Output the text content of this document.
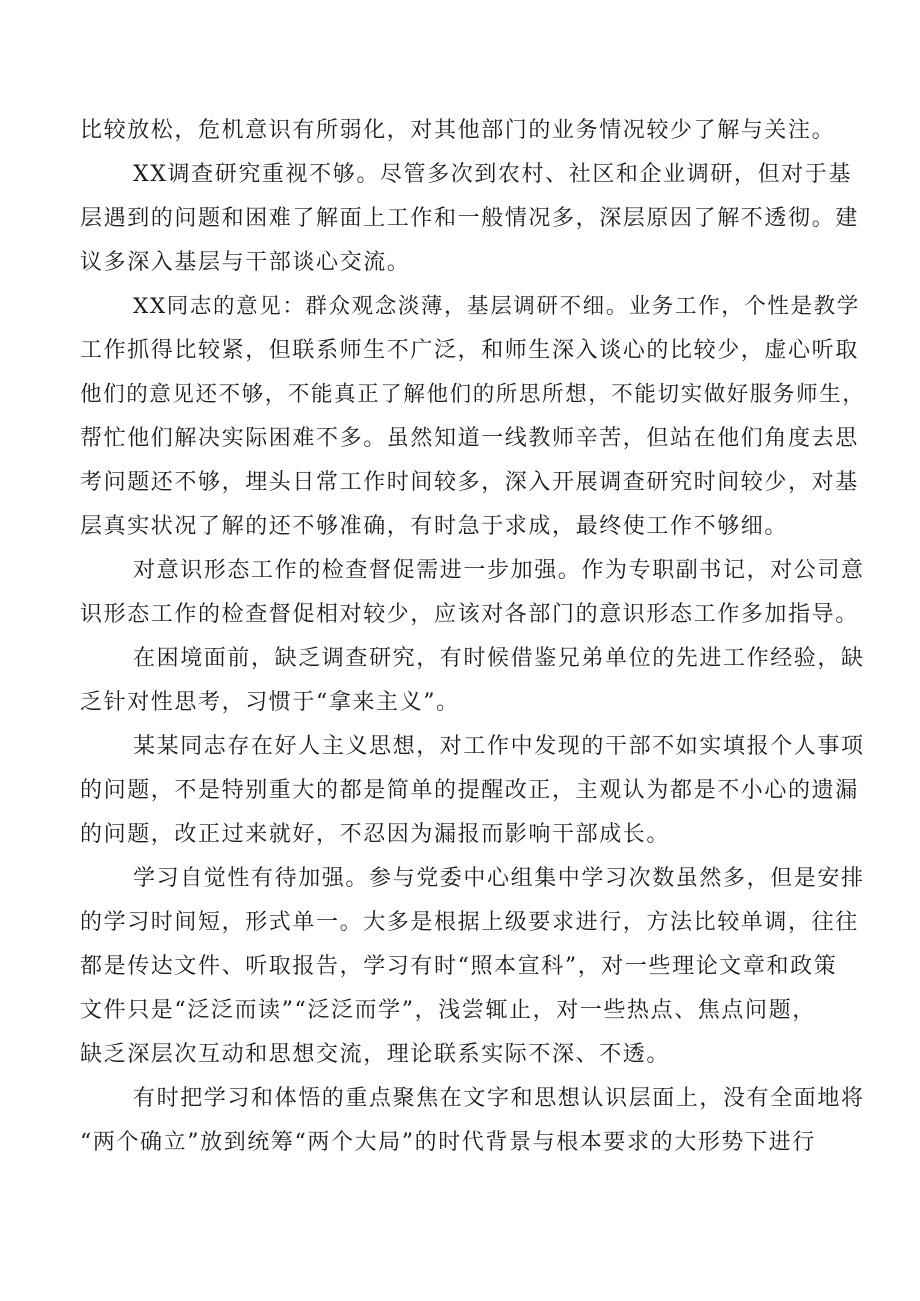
比较放松，危机意识有所弱化，对其他部门的业务情况较少了解与关注。
XX调查研究重视不够。尽管多次到农村、社区和企业调研，但对于基
层遇到的问题和困难了解面上工作和一般情况多，深层原因了解不透彻。建
议多深入基层与干部谈心交流。
XX同志的意见：群众观念淡薄，基层调研不细。业务工作，个性是教学
工作抓得比较紧，但联系师生不广泛，和师生深入谈心的比较少，虚心听取
他们的意见还不够，不能真正了解他们的所思所想，不能切实做好服务师生，
帮忙他们解决实际困难不多。虽然知道一线教师辛苦，但站在他们角度去思
考问题还不够，埋头日常工作时间较多，深入开展调查研究时间较少，对基
层真实状况了解的还不够准确，有时急于求成，最终使工作不够细。
对意识形态工作的检查督促需进一步加强。作为专职副书记，对公司意
识形态工作的检查督促相对较少，应该对各部门的意识形态工作多加指导。
在困境面前，缺乏调查研究，有时候借鉴兄弟单位的先进工作经验，缺
乏针对性思考，习惯于“拿来主义”。
某某同志存在好人主义思想，对工作中发现的干部不如实填报个人事项
的问题，不是特别重大的都是简单的提醒改正，主观认为都是不小心的遗漏
的问题，改正过来就好，不忍因为漏报而影响干部成长。
学习自觉性有待加强。参与党委中心组集中学习次数虽然多，但是安排
的学习时间短，形式单一。大多是根据上级要求进行，方法比较单调，往往
都是传达文件、听取报告，学习有时“照本宣科”，对一些理论文章和政策
文件只是“泛泛而读”“泛泛而学”，浅尝辄止，对一些热点、焦点问题，
缺乏深层次互动和思想交流，理论联系实际不深、不透。
有时把学习和体悟的重点聚焦在文字和思想认识层面上，没有全面地将
“两个确立”放到统筹“两个大局”的时代背景与根本要求的大形势下进行
